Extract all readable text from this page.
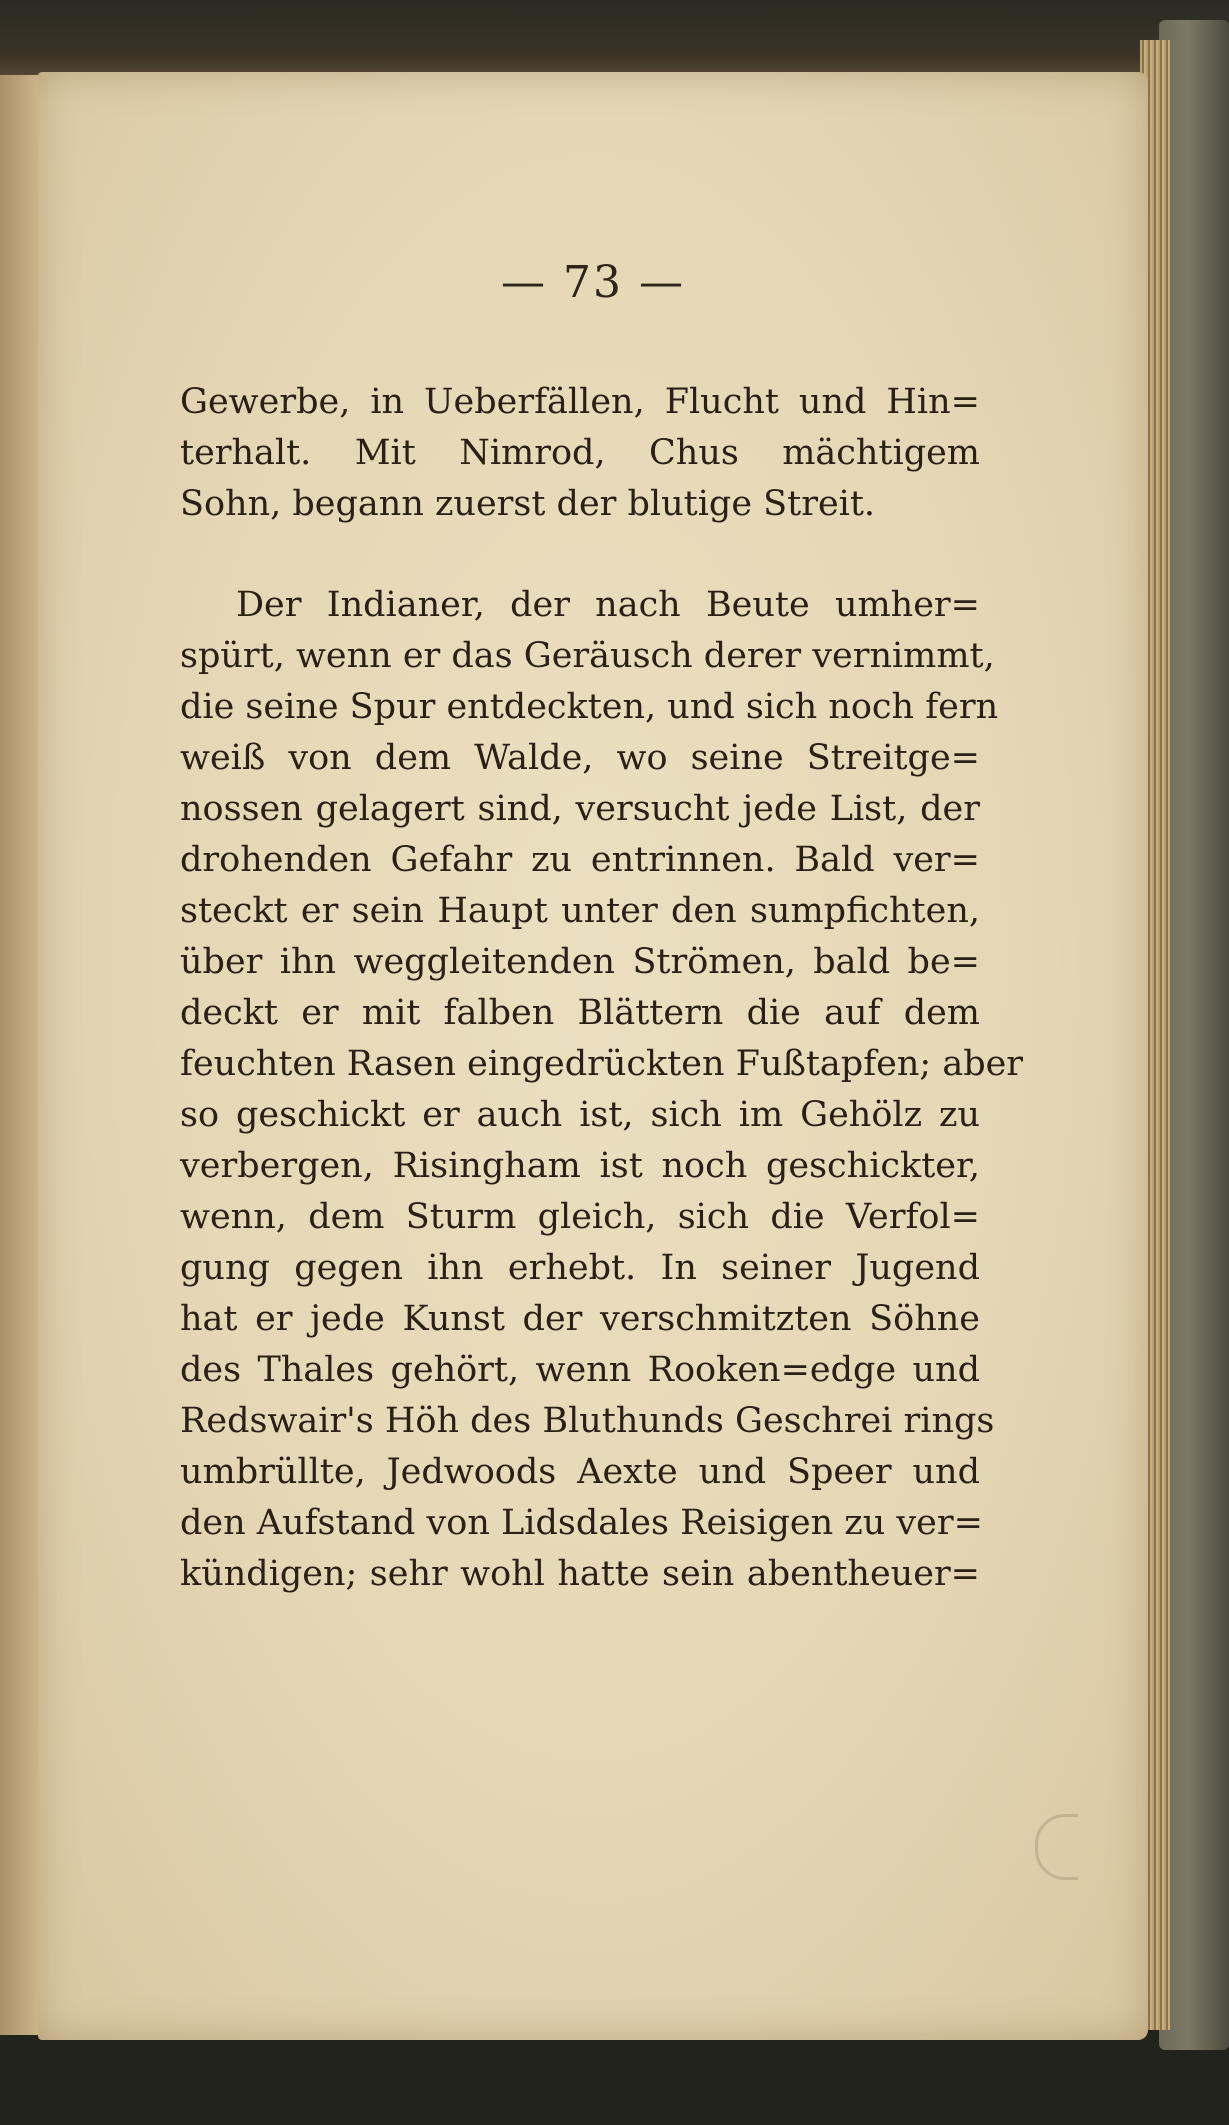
— 73 —
Gewerbe, in Ueberfällen, Flucht und Hin=
terhalt. Mit Nimrod, Chus mächtigem
Sohn, begann zuerst der blutige Streit.
Der Indianer, der nach Beute umher=
spürt, wenn er das Geräusch derer vernimmt,
die seine Spur entdeckten, und sich noch fern
weiß von dem Walde, wo seine Streitge=
nossen gelagert sind, versucht jede List, der
drohenden Gefahr zu entrinnen. Bald ver=
steckt er sein Haupt unter den sumpfichten,
über ihn weggleitenden Strömen, bald be=
deckt er mit falben Blättern die auf dem
feuchten Rasen eingedrückten Fußtapfen; aber
so geschickt er auch ist, sich im Gehölz zu
verbergen, Risingham ist noch geschickter,
wenn, dem Sturm gleich, sich die Verfol=
gung gegen ihn erhebt. In seiner Jugend
hat er jede Kunst der verschmitzten Söhne
des Thales gehört, wenn Rooken=edge und
Redswair's Höh des Bluthunds Geschrei rings
umbrüllte, Jedwoods Aexte und Speer und
den Aufstand von Lidsdales Reisigen zu ver=
kündigen; sehr wohl hatte sein abentheuer=
